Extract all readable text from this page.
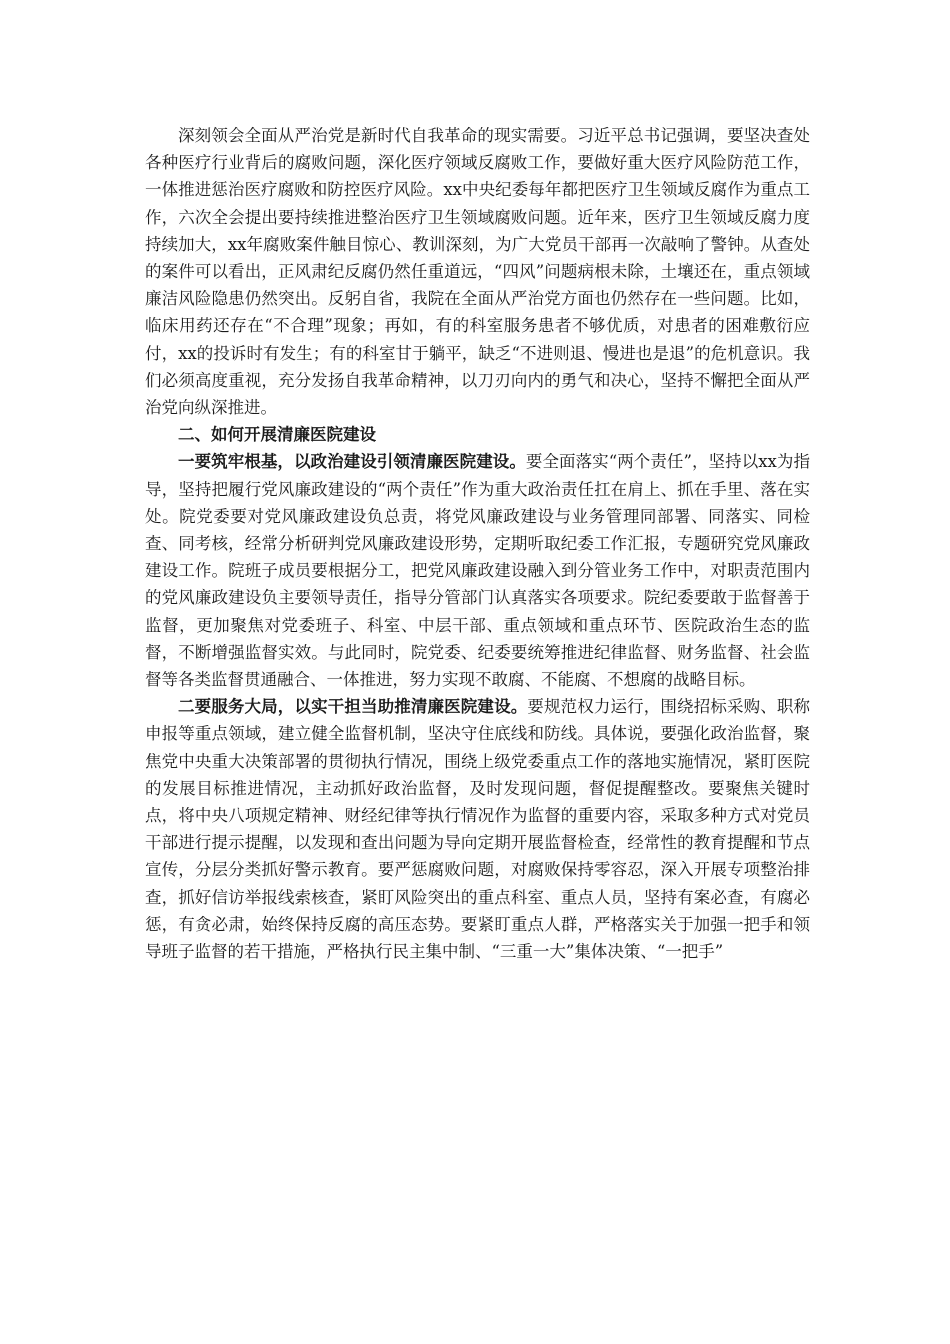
深刻领会全面从严治党是新时代自我革命的现实需要。习近平总书记强调，要坚决查处各种医疗行业背后的腐败问题，深化医疗领域反腐败工作，要做好重大医疗风险防范工作，一体推进惩治医疗腐败和防控医疗风险。xx中央纪委每年都把医疗卫生领域反腐作为重点工作，六次全会提出要持续推进整治医疗卫生领域腐败问题。近年来，医疗卫生领域反腐力度持续加大，xx年腐败案件触目惊心、教训深刻，为广大党员干部再一次敲响了警钟。从查处的案件可以看出，正风肃纪反腐仍然任重道远，“四风”问题病根未除，土壤还在，重点领域廉洁风险隐患仍然突出。反躬自省，我院在全面从严治党方面也仍然存在一些问题。比如，临床用药还存在“不合理”现象；再如，有的科室服务患者不够优质，对患者的困难敷衍应付，xx的投诉时有发生；有的科室甘于躺平，缺乏“不进则退、慢进也是退”的危机意识。我们必须高度重视，充分发扬自我革命精神，以刀刃向内的勇气和决心，坚持不懈把全面从严治党向纵深推进。

二、如何开展清廉医院建设

一要筑牢根基，以政治建设引领清廉医院建设。要全面落实“两个责任”，坚持以xx为指导，坚持把履行党风廉政建设的“两个责任”作为重大政治责任扛在肩上、抓在手里、落在实处。院党委要对党风廉政建设负总责，将党风廉政建设与业务管理同部署、同落实、同检查、同考核，经常分析研判党风廉政建设形势，定期听取纪委工作汇报，专题研究党风廉政建设工作。院班子成员要根据分工，把党风廉政建设融入到分管业务工作中，对职责范围内的党风廉政建设负主要领导责任，指导分管部门认真落实各项要求。院纪委要敢于监督善于监督，更加聚焦对党委班子、科室、中层干部、重点领域和重点环节、医院政治生态的监督，不断增强监督实效。与此同时，院党委、纪委要统筹推进纪律监督、财务监督、社会监督等各类监督贯通融合、一体推进，努力实现不敢腐、不能腐、不想腐的战略目标。

二要服务大局，以实干担当助推清廉医院建设。要规范权力运行，围绕招标采购、职称申报等重点领域，建立健全监督机制，坚决守住底线和防线。具体说，要强化政治监督，聚焦党中央重大决策部署的贯彻执行情况，围绕上级党委重点工作的落地实施情况，紧盯医院的发展目标推进情况，主动抓好政治监督，及时发现问题，督促提醒整改。要聚焦关键时点，将中央八项规定精神、财经纪律等执行情况作为监督的重要内容，采取多种方式对党员干部进行提示提醒，以发现和查出问题为导向定期开展监督检查，经常性的教育提醒和节点宣传，分层分类抓好警示教育。要严惩腐败问题，对腐败保持零容忍，深入开展专项整治排查，抓好信访举报线索核查，紧盯风险突出的重点科室、重点人员，坚持有案必查，有腐必惩，有贪必肃，始终保持反腐的高压态势。要紧盯重点人群，严格落实关于加强一把手和领导班子监督的若干措施，严格执行民主集中制、“三重一大”集体决策、“一把手”
